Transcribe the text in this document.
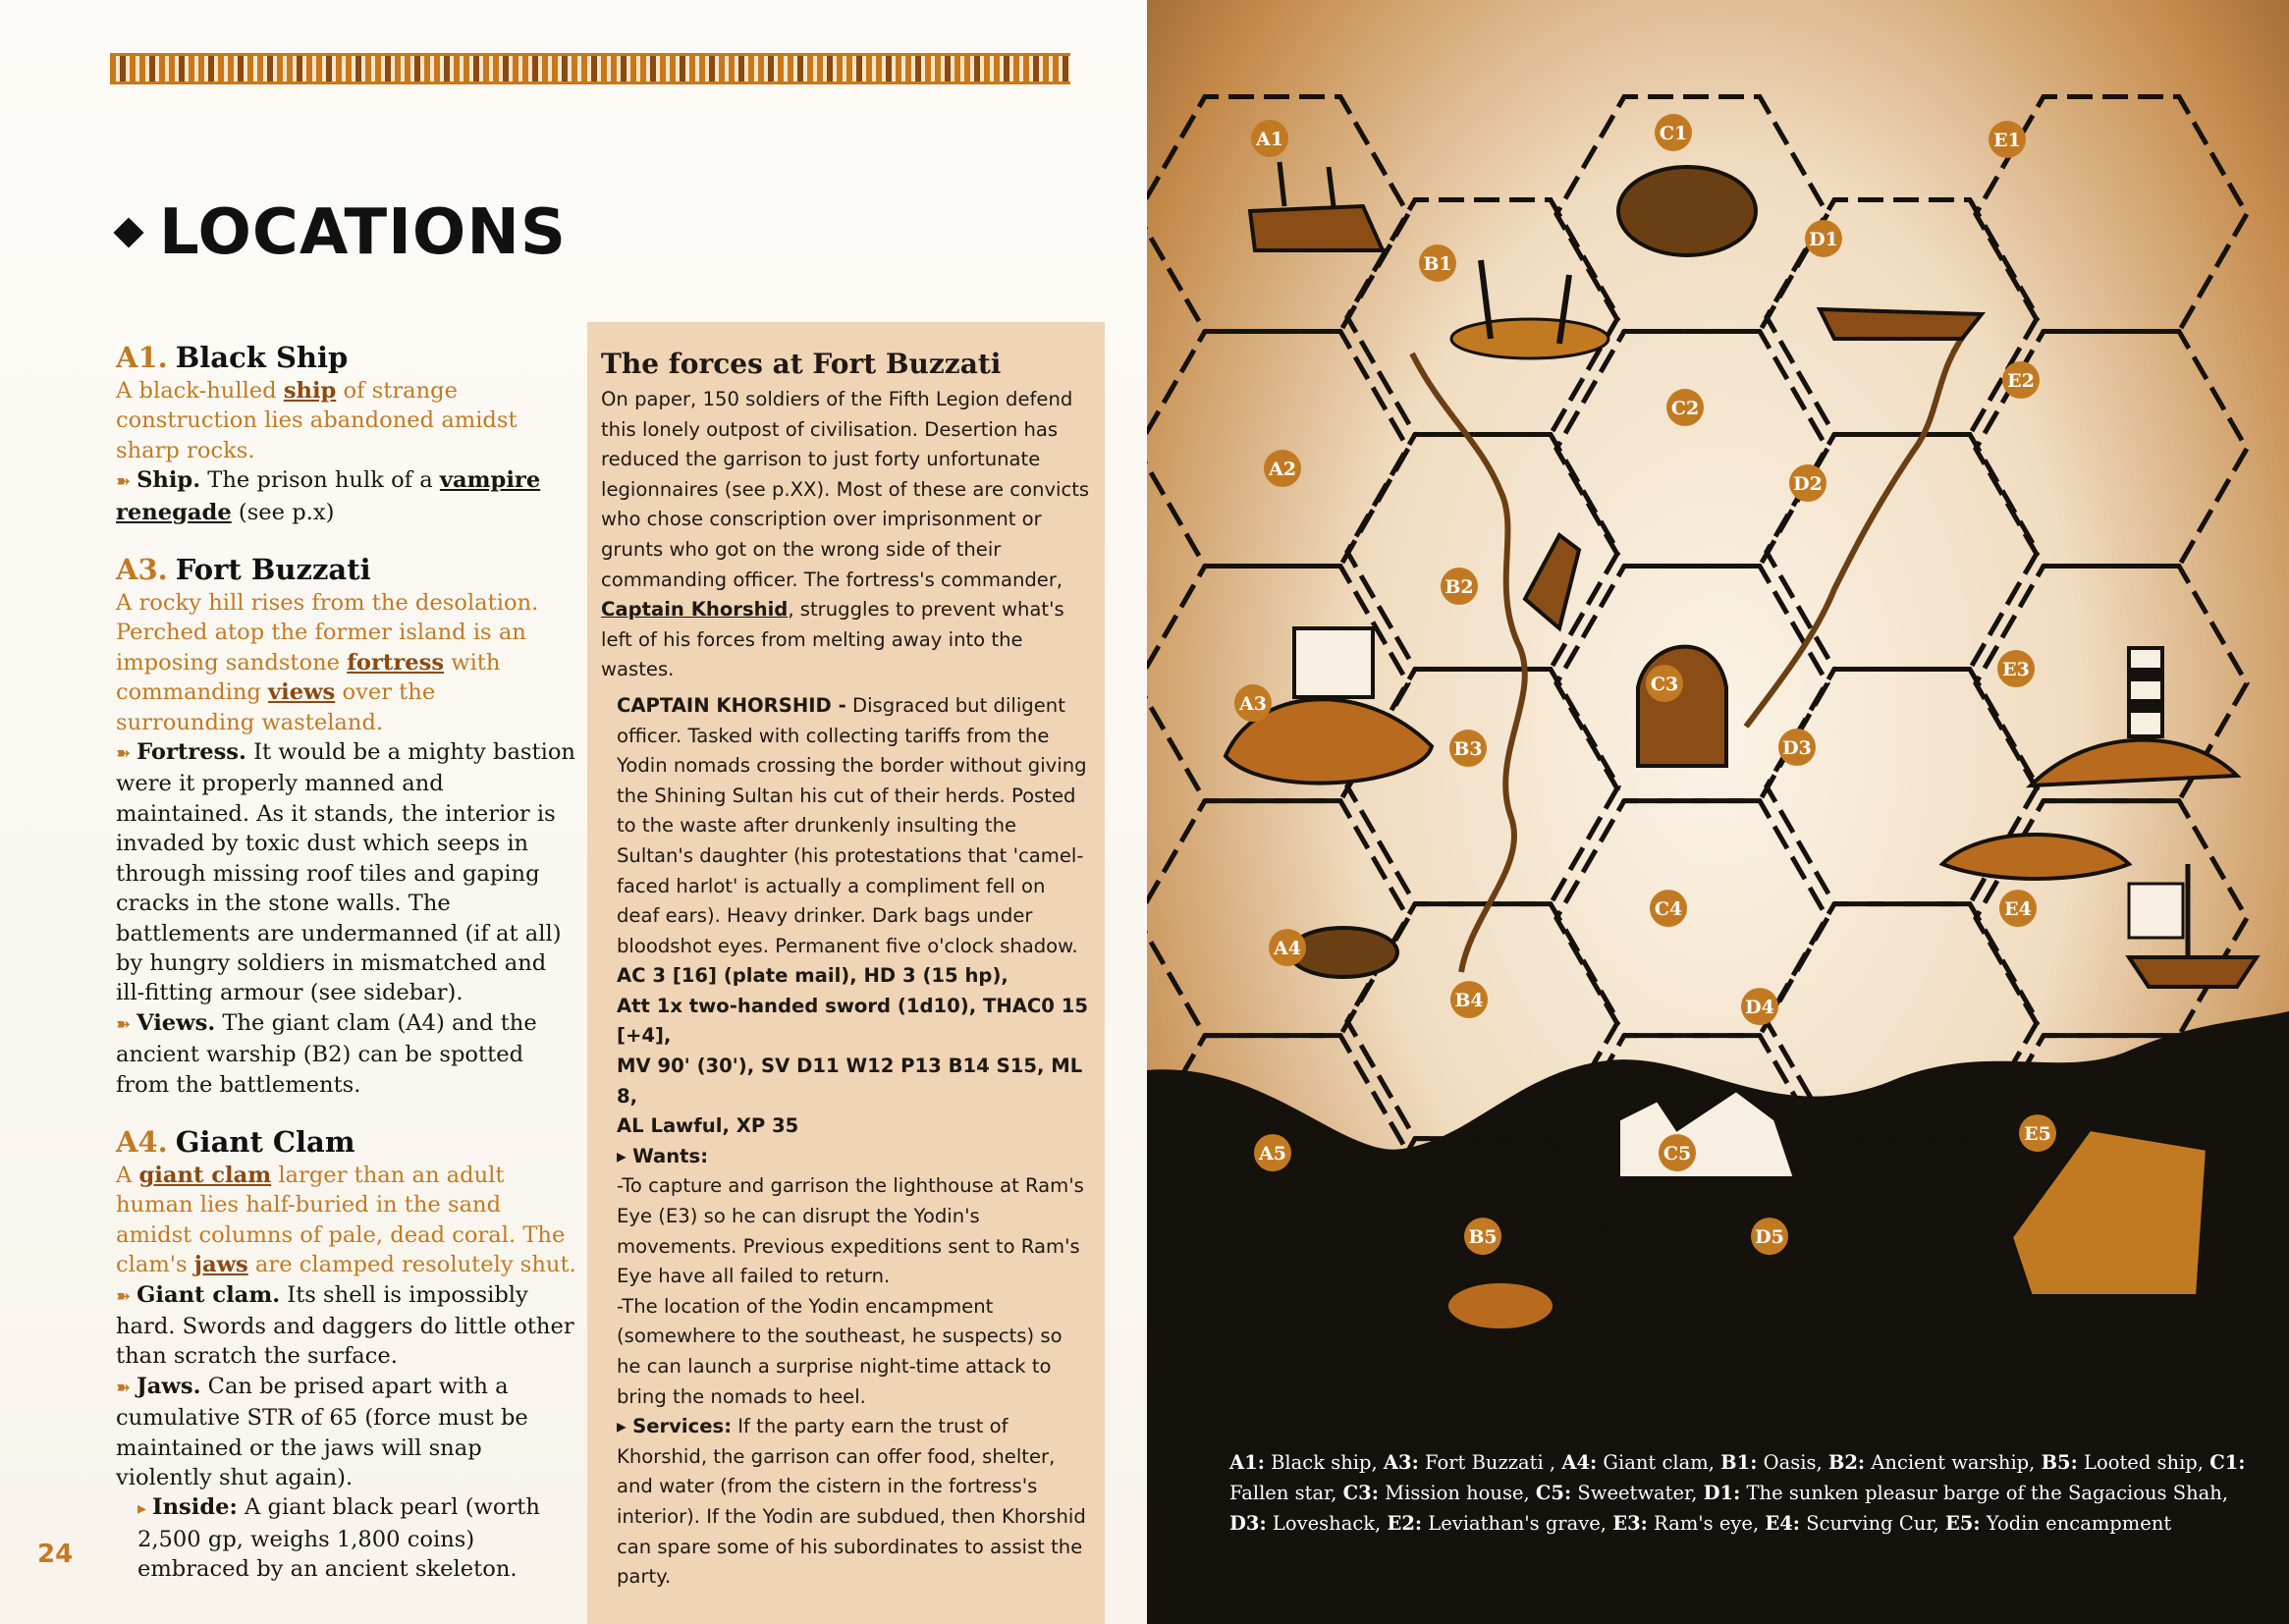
LOCATIONS
A1. Black Ship

A black-hulled ship of strange construction lies abandoned amidst sharp rocks.

➽ Ship. The prison hulk of a vampire renegade (see p.x)

A3. Fort Buzzati

A rocky hill rises from the desolation. Perched atop the former island is an imposing sandstone fortress with commanding views over the surrounding wasteland.

➽ Fortress. It would be a mighty bastion were it properly manned and maintained. As it stands, the interior is invaded by toxic dust which seeps in through missing roof tiles and gaping cracks in the stone walls. The battlements are undermanned (if at all) by hungry soldiers in mismatched and ill-fitting armour (see sidebar).

➽ Views. The giant clam (A4) and the ancient warship (B2) can be spotted from the battlements.

A4. Giant Clam

A giant clam larger than an adult human lies half-buried in the sand amidst columns of pale, dead coral. The clam's jaws are clamped resolutely shut.

➽ Giant clam. Its shell is impossibly hard. Swords and daggers do little other than scratch the surface.

➽ Jaws. Can be prised apart with a cumulative STR of 65 (force must be maintained or the jaws will snap violently shut again).

▸ Inside: A giant black pearl (worth 2,500 gp, weighs 1,800 coins) embraced by an ancient skeleton.

24
The forces at Fort Buzzati

On paper, 150 soldiers of the Fifth Legion defend this lonely outpost of civilisation. Desertion has reduced the garrison to just forty unfortunate legionnaires (see p.XX). Most of these are convicts who chose conscription over imprisonment or grunts who got on the wrong side of their commanding officer. The fortress's commander, Captain Khorshid, struggles to prevent what's left of his forces from melting away into the wastes.

CAPTAIN KHORSHID - Disgraced but diligent officer. Tasked with collecting tariffs from the Yodin nomads crossing the border without giving the Shining Sultan his cut of their herds. Posted to the waste after drunkenly insulting the Sultan's daughter (his protestations that 'camel-faced harlot' is actually a compliment fell on deaf ears). Heavy drinker. Dark bags under bloodshot eyes. Permanent five o'clock shadow.

AC 3 [16] (plate mail), HD 3 (15 hp),

Att 1x two-handed sword (1d10), THAC0 15 [+4],

MV 90' (30'), SV D11 W12 P13 B14 S15, ML 8,

AL Lawful, XP 35

▸ Wants:

-To capture and garrison the lighthouse at Ram's Eye (E3) so he can disrupt the Yodin's movements. Previous expeditions sent to Ram's Eye have all failed to return.

-The location of the Yodin encampment (somewhere to the southeast, he suspects) so he can launch a surprise night-time attack to bring the nomads to heel.

▸ Services: If the party earn the trust of Khorshid, the garrison can offer food, shelter, and water (from the cistern in the fortress's interior). If the Yodin are subdued, then Khorshid can spare some of his subordinates to assist the party.

A1
A2
A3
A4
A5
B1
B2
B3
B4
B5
C1
C2
C3
C4
C5
D1
D2
D3
D4
D5
E1
E2
E3
E4
E5
A1: Black ship, A3: Fort Buzzati , A4: Giant clam, B1: Oasis, B2: Ancient warship, B5: Looted ship, C1: Fallen star, C3: Mission house, C5: Sweetwater, D1: The sunken pleasur barge of the Sagacious Shah, D3: Loveshack, E2: Leviathan's grave, E3: Ram's eye, E4: Scurving Cur, E5: Yodin encampment
